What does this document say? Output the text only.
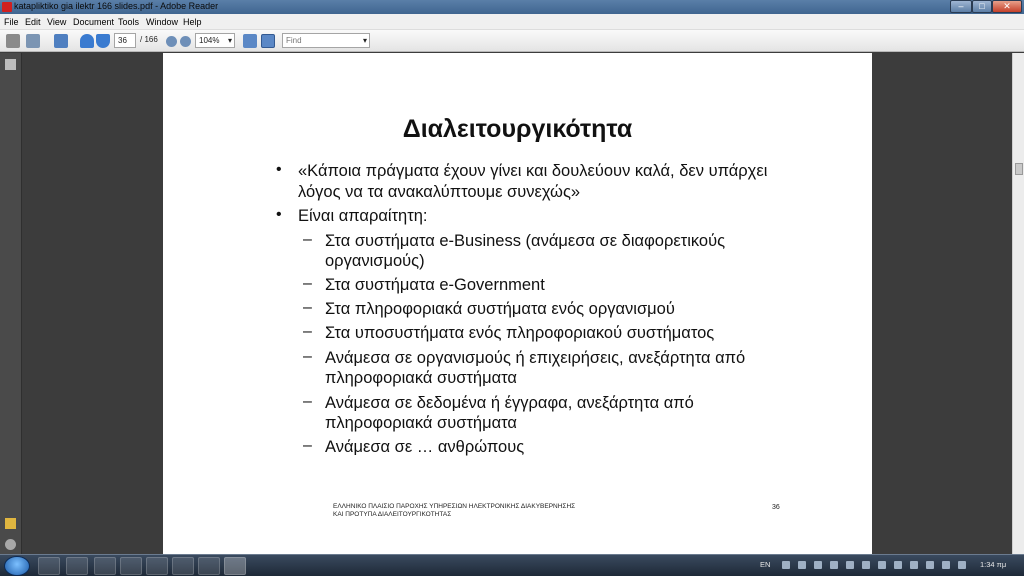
katapliktiko gia ilektr 166 slides.pdf - Adobe Reader	–	□	✕
File Edit View Document Tools Window Help
36	/ 166	104% ▾	Find	▾
Διαλειτουργικότητα
• «Κάποια πράγματα έχουν γίνει και δουλεύουν καλά, δεν υπάρχει
λόγος να τα ανακαλύπτουμε συνεχώς»
• Είναι απαραίτητη:
– Στα συστήματα e-Business (ανάμεσα σε διαφορετικούς
οργανισμούς)
– Στα συστήματα e-Government
– Στα πληροφοριακά συστήματα ενός οργανισμού
– Στα υποσυστήματα ενός πληροφοριακού συστήματος
– Ανάμεσα σε οργανισμούς ή επιχειρήσεις, ανεξάρτητα από
πληροφοριακά συστήματα
– Ανάμεσα σε δεδομένα ή έγγραφα, ανεξάρτητα από
πληροφοριακά συστήματα
– Ανάμεσα σε … ανθρώπους
ΕΛΛΗΝΙΚΟ ΠΛΑΙΣΙΟ ΠΑΡΟΧΗΣ ΥΠΗΡΕΣΙΩΝ ΗΛΕΚΤΡΟΝΙΚΗΣ ΔΙΑΚΥΒΕΡΝΗΣΗΣ
ΚΑΙ ΠΡΟΤΥΠΑ ΔΙΑΛΕΙΤΟΥΡΓΙΚΟΤΗΤΑΣ
36
EN	1:34 πμ
